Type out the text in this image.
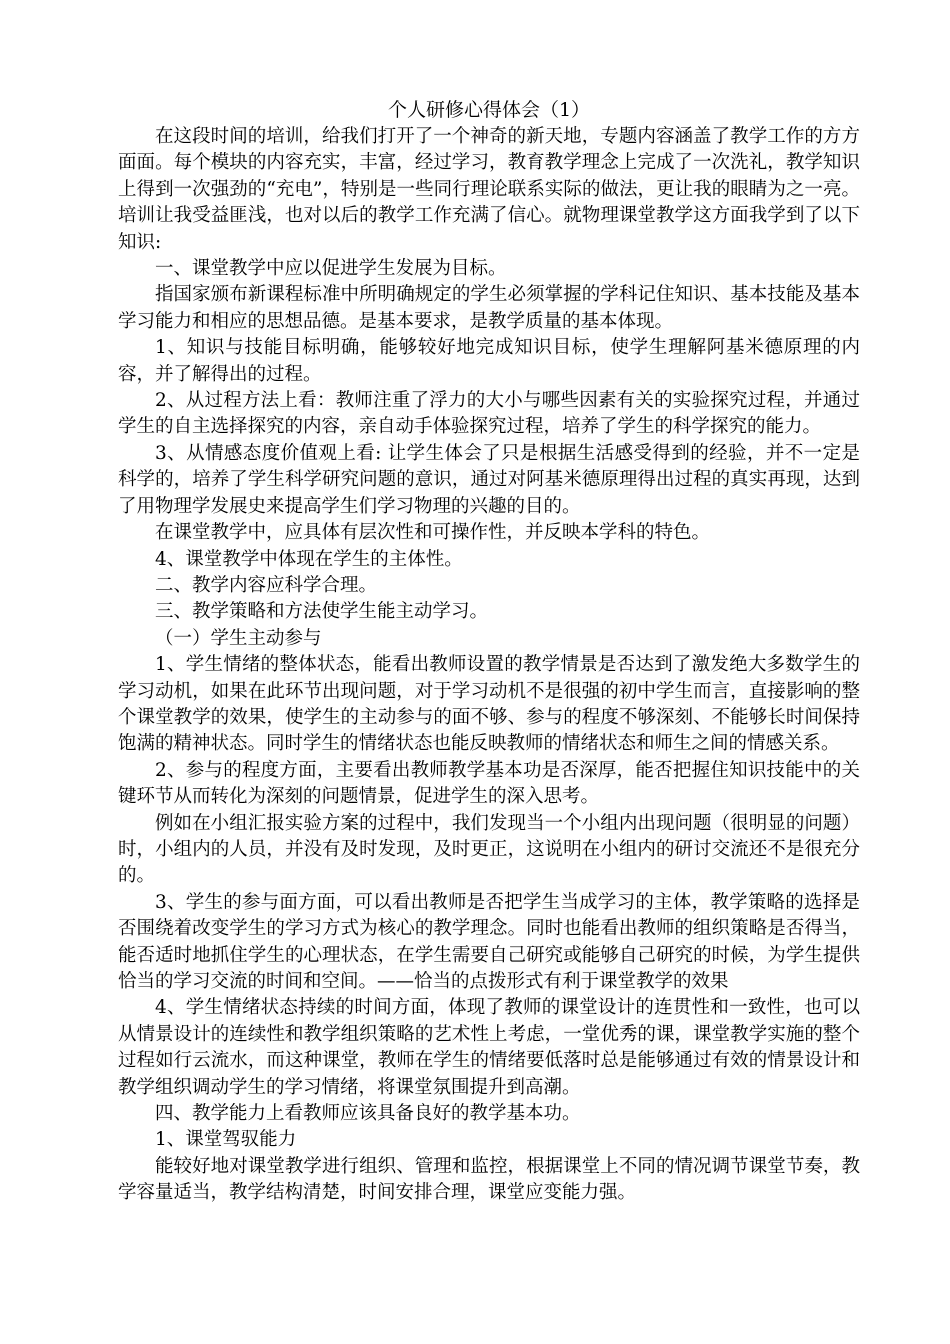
个人研修心得体会（1）

在这段时间的培训，给我们打开了一个神奇的新天地，专题内容涵盖了教学工作的方方面面。每个模块的内容充实，丰富，经过学习，教育教学理念上完成了一次洗礼，教学知识上得到一次强劲的“充电”，特别是一些同行理论联系实际的做法，更让我的眼睛为之一亮。培训让我受益匪浅，也对以后的教学工作充满了信心。就物理课堂教学这方面我学到了以下知识:

一、课堂教学中应以促进学生发展为目标。

指国家颁布新课程标准中所明确规定的学生必须掌握的学科记住知识、基本技能及基本学习能力和相应的思想品德。是基本要求，是教学质量的基本体现。

1、知识与技能目标明确，能够较好地完成知识目标，使学生理解阿基米德原理的内容，并了解得出的过程。

2、从过程方法上看：教师注重了浮力的大小与哪些因素有关的实验探究过程，并通过学生的自主选择探究的内容，亲自动手体验探究过程，培养了学生的科学探究的能力。

3、从情感态度价值观上看: 让学生体会了只是根据生活感受得到的经验，并不一定是科学的，培养了学生科学研究问题的意识，通过对阿基米德原理得出过程的真实再现，达到了用物理学发展史来提高学生们学习物理的兴趣的目的。

在课堂教学中，应具体有层次性和可操作性，并反映本学科的特色。

4、课堂教学中体现在学生的主体性。

二、教学内容应科学合理。

三、教学策略和方法使学生能主动学习。

（一）学生主动参与

1、学生情绪的整体状态，能看出教师设置的教学情景是否达到了激发绝大多数学生的学习动机，如果在此环节出现问题，对于学习动机不是很强的初中学生而言，直接影响的整个课堂教学的效果，使学生的主动参与的面不够、参与的程度不够深刻、不能够长时间保持饱满的精神状态。同时学生的情绪状态也能反映教师的情绪状态和师生之间的情感关系。

2、参与的程度方面，主要看出教师教学基本功是否深厚，能否把握住知识技能中的关键环节从而转化为深刻的问题情景，促进学生的深入思考。

例如在小组汇报实验方案的过程中，我们发现当一个小组内出现问题（很明显的问题）时，小组内的人员，并没有及时发现，及时更正，这说明在小组内的研讨交流还不是很充分的。

3、学生的参与面方面，可以看出教师是否把学生当成学习的主体，教学策略的选择是否围绕着改变学生的学习方式为核心的教学理念。同时也能看出教师的组织策略是否得当，能否适时地抓住学生的心理状态，在学生需要自己研究或能够自己研究的时候，为学生提供恰当的学习交流的时间和空间。——恰当的点拨形式有利于课堂教学的效果

4、学生情绪状态持续的时间方面，体现了教师的课堂设计的连贯性和一致性，也可以从情景设计的连续性和教学组织策略的艺术性上考虑，一堂优秀的课，课堂教学实施的整个过程如行云流水，而这种课堂，教师在学生的情绪要低落时总是能够通过有效的情景设计和教学组织调动学生的学习情绪，将课堂氛围提升到高潮。

四、教学能力上看教师应该具备良好的教学基本功。

1、课堂驾驭能力

能较好地对课堂教学进行组织、管理和监控，根据课堂上不同的情况调节课堂节奏，教学容量适当，教学结构清楚，时间安排合理，课堂应变能力强。
